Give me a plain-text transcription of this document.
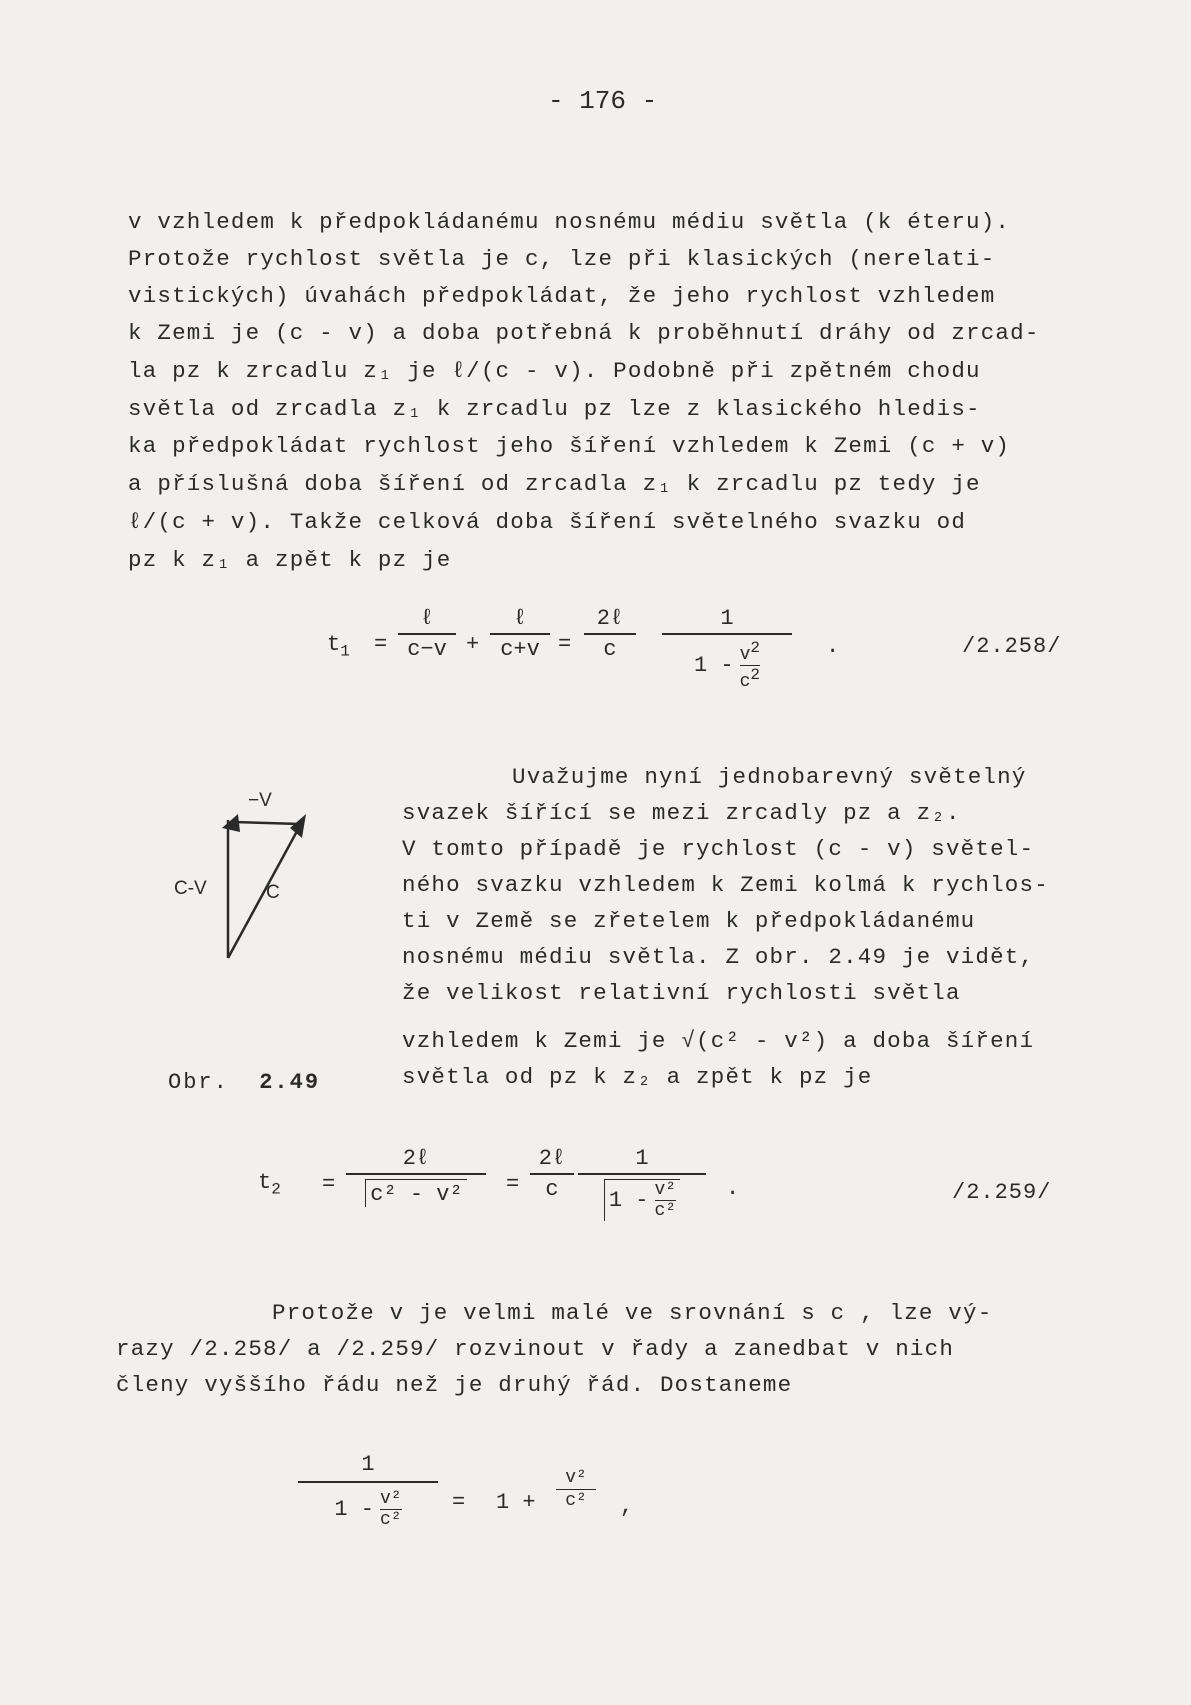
- 176 -
v vzhledem k předpokládanému nosnému médiu světla (k éteru).
Protože rychlost světla je c, lze při klasických (nerelati-
vistických) úvahách předpokládat, že jeho rychlost vzhledem
k Zemi je (c - v) a doba potřebná k proběhnutí dráhy od zrcad-
la pz k zrcadlu z₁ je ℓ/(c - v). Podobně při zpětném chodu
světla od zrcadla z₁ k zrcadlu pz lze z klasického hledis-
ka předpokládat rychlost jeho šíření vzhledem k Zemi (c + v)
a příslušná doba šíření od zrcadla z₁ k zrcadlu pz tedy je
ℓ/(c + v). Takže celková doba šíření světelného svazku od
pz k z₁ a zpět k pz je
$t_1$ =
ℓ
c−v +
ℓ
c+v =
2ℓ
c
1
$1 - \frac{v^2}{c^2}$	.	/2.258/
−V
C-V	C
Obr. 2.49
Uvažujme nyní jednobarevný světelný
svazek šířící se mezi zrcadly pz a z₂.
V tomto případě je rychlost (c - v) světel-
ného svazku vzhledem k Zemi kolmá k rychlos-
ti v Země se zřetelem k předpokládanému
nosnému médiu světla. Z obr. 2.49 je vidět,
že velikost relativní rychlosti světla
vzhledem k Zemi je √(c² - v²) a doba šíření
světla od pz k z₂ a zpět k pz je
$t_2$ =
2ℓ
c² - v²	=
2ℓ
c $\frac{1}{1 - \frac{\text{v²}}{\text{c²}}}$ .	/2.259/
Protože v je velmi malé ve srovnání s c , lze vý-
razy /2.258/ a /2.259/ rozvinout v řady a zanedbat v nich
členy vyššího řádu než je druhý řád. Dostaneme
1
$1 - \frac{\text{v²}}{\text{c²}} = 1$ +
v²
c²	,
